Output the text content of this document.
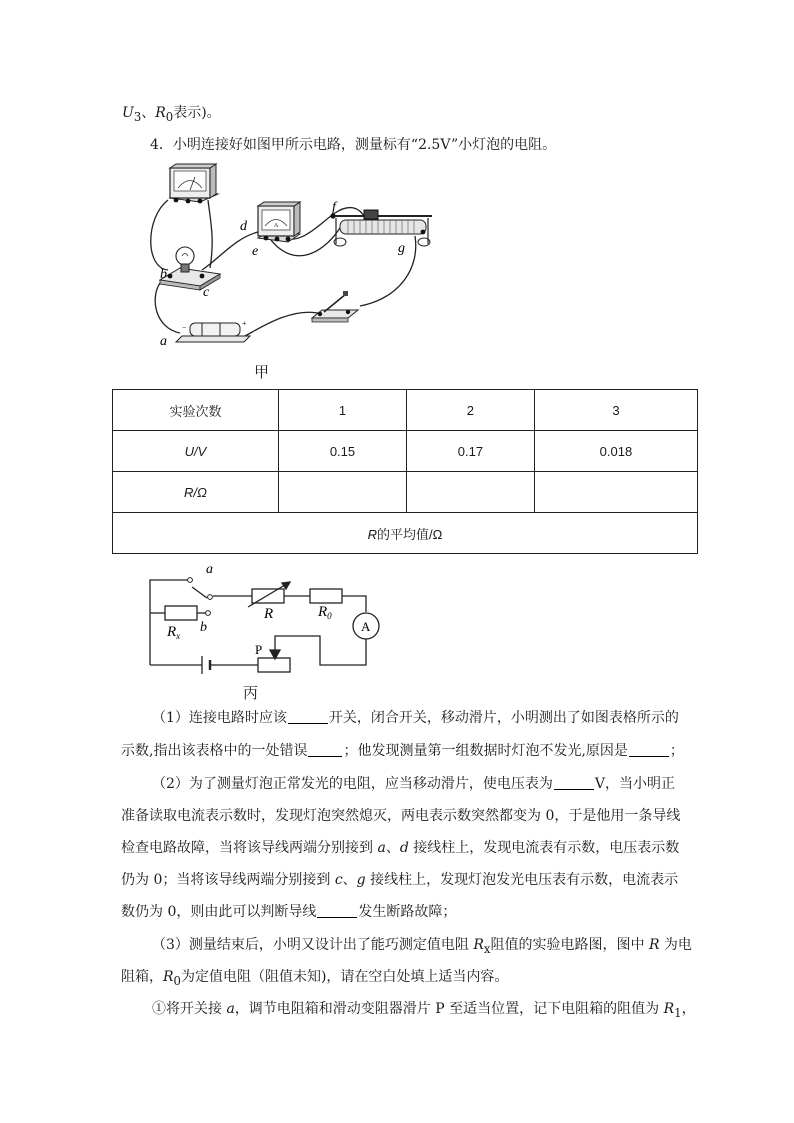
$U_3$、$R_0$表示)。
4．小明连接好如图甲所示电路，测量标有“2.5V”小灯泡的电阻。
A
+
−
b
c
d
e
f
g
a
甲
实验次数	1	2	3
U/V	0.15	0.17	0.018
R/Ω			
R的平均值/Ω			
a
b
R	$R_0$
$R_x$
A
P
丙
（1）连接电路时应该	开关，闭合开关，移动滑片，小明测出了如图表格所示的
示数,指出该表格中的一处错误	；他发现测量第一组数据时灯泡不发光,原因是	；
（2）为了测量灯泡正常发光的电阻，应当移动滑片，使电压表为	V，当小明正
准备读取电流表示数时，发现灯泡突然熄灭，两电表示数突然都变为 0，于是他用一条导线
检查电路故障，当将该导线两端分别接到 a、d 接线柱上，发现电流表有示数，电压表示数
仍为 0；当将该导线两端分别接到 c、g 接线柱上，发现灯泡发光电压表有示数，电流表示
数仍为 0，则由此可以判断导线	发生断路故障；
（3）测量结束后，小明又设计出了能巧测定值电阻 $R_x$阻值的实验电路图，图中 R 为电
阻箱，$R_0$为定值电阻（阻值未知)，请在空白处填上适当内容。
①将开关接 a，调节电阻箱和滑动变阻器滑片 P 至适当位置，记下电阻箱的阻值为 $R_1$，
